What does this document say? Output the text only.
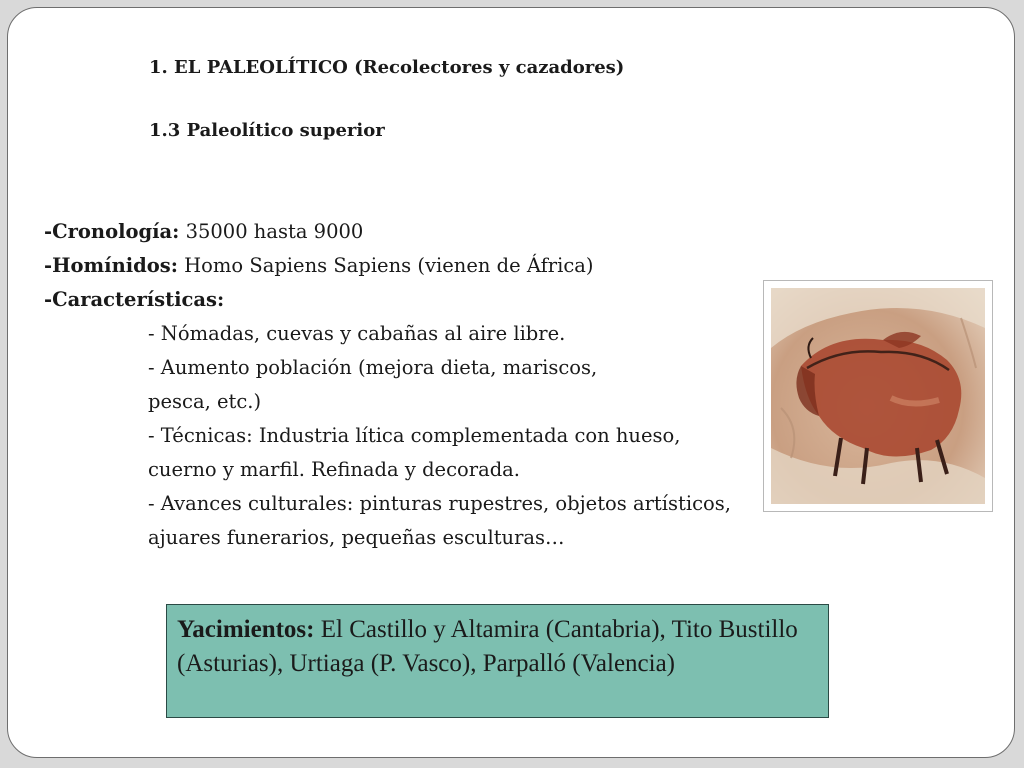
1. EL PALEOLÍTICO (Recolectores y cazadores)
1.3 Paleolítico superior
-Cronología: 35000 hasta 9000
-Homínidos: Homo Sapiens Sapiens (vienen de África)
-Características:
- Nómadas, cuevas y cabañas al aire libre.
- Aumento población (mejora dieta, mariscos,
pesca, etc.)
- Técnicas: Industria lítica complementada con hueso,
cuerno y marfil. Refinada y decorada.
- Avances culturales: pinturas rupestres, objetos artísticos,
ajuares funerarios, pequeñas esculturas…
Yacimientos: El Castillo y Altamira (Cantabria), Tito Bustillo (Asturias), Urtiaga (P. Vasco), Parpalló (Valencia)
